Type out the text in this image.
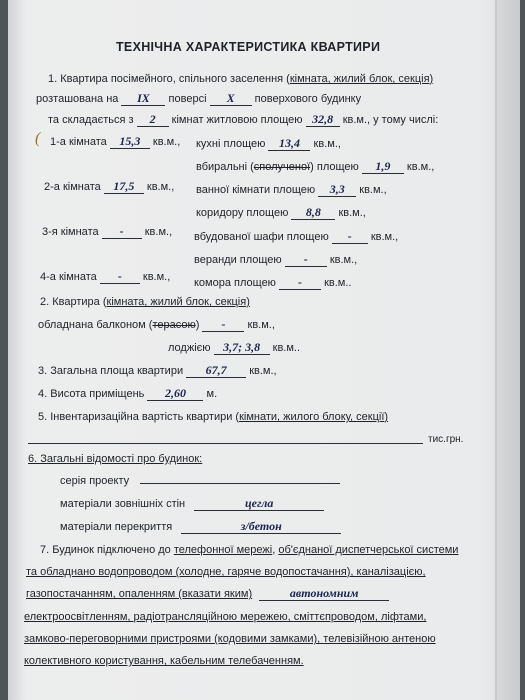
ТЕХНІЧНА ХАРАКТЕРИСТИКА КВАРТИРИ
1. Квартира посімейного, спільного заселення (кімната, жилий блок, секція)
розташована на IX поверсі X поверхового будинку
та складається з 2 кімнат житловою площею 32,8 кв.м., у тому числі:
( 1-а кімната 15,3 кв.м.,
2-а кімната 17,5 кв.м.,
3-я кімната - кв.м.,
4-а кімната - кв.м.,
кухні площею 13,4 кв.м.,
вбиральні (сполученої) площею 1,9 кв.м.,
ванної кімнати площею 3,3 кв.м.,
коридору площею 8,8 кв.м.,
вбудованої шафи площею - кв.м.,
веранди площею - кв.м.,
комора площею - кв.м..
2. Квартира (кімната, жилий блок, секція)
обладнана балконом (терасою) - кв.м.,
лоджією 3,7; 3,8 кв.м..
3. Загальна площа квартири 67,7 кв.м.,
4. Висота приміщень 2,60 м.
5. Інвентаризаційна вартість квартири (кімнати, жилого блоку, секції)
тис.грн.
6. Загальні відомості про будинок:
серія проекту
матеріали зовнішніх стін	цегла
матеріали перекриття	з/бетон
7. Будинок підключено до телефонної мережі, об'єднаної диспетчерської системи
та обладнано водопроводом (холодне, гаряче водопостачання), каналізацією,
газопостачанням, опаленням (вказати яким)	автономним
електроосвітленням, радіотрансляційною мережею, сміттєпроводом, ліфтами,
замково-переговорними пристроями (кодовими замками), телевізійною антеною
колективного користування, кабельним телебаченням.
